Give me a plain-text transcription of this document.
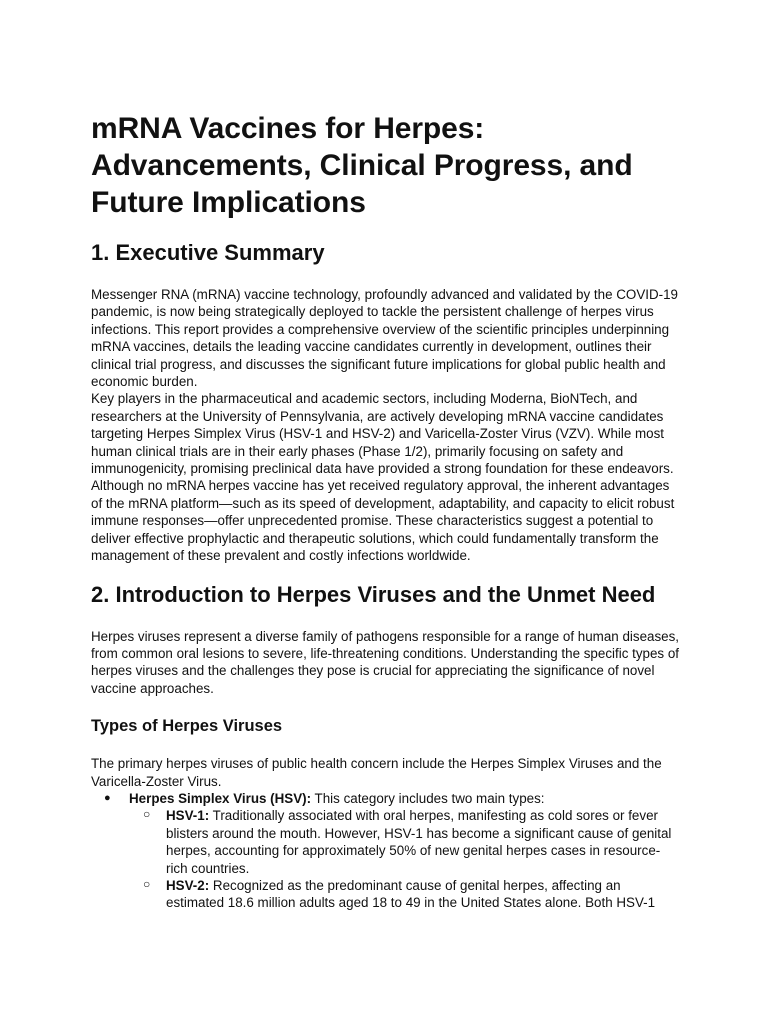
mRNA Vaccines for Herpes: Advancements, Clinical Progress, and Future Implications
1. Executive Summary

Messenger RNA (mRNA) vaccine technology, profoundly advanced and validated by the COVID-19 pandemic, is now being strategically deployed to tackle the persistent challenge of herpes virus infections. This report provides a comprehensive overview of the scientific principles underpinning mRNA vaccines, details the leading vaccine candidates currently in development, outlines their clinical trial progress, and discusses the significant future implications for global public health and economic burden.

Key players in the pharmaceutical and academic sectors, including Moderna, BioNTech, and researchers at the University of Pennsylvania, are actively developing mRNA vaccine candidates targeting Herpes Simplex Virus (HSV-1 and HSV-2) and Varicella-Zoster Virus (VZV). While most human clinical trials are in their early phases (Phase 1/2), primarily focusing on safety and immunogenicity, promising preclinical data have provided a strong foundation for these endeavors.

Although no mRNA herpes vaccine has yet received regulatory approval, the inherent advantages of the mRNA platform—such as its speed of development, adaptability, and capacity to elicit robust immune responses—offer unprecedented promise. These characteristics suggest a potential to deliver effective prophylactic and therapeutic solutions, which could fundamentally transform the management of these prevalent and costly infections worldwide.

2. Introduction to Herpes Viruses and the Unmet Need

Herpes viruses represent a diverse family of pathogens responsible for a range of human diseases, from common oral lesions to severe, life-threatening conditions. Understanding the specific types of herpes viruses and the challenges they pose is crucial for appreciating the significance of novel vaccine approaches.

Types of Herpes Viruses

The primary herpes viruses of public health concern include the Herpes Simplex Viruses and the Varicella-Zoster Virus.

● Herpes Simplex Virus (HSV): This category includes two main types:
○ HSV-1: Traditionally associated with oral herpes, manifesting as cold sores or fever blisters around the mouth. However, HSV-1 has become a significant cause of genital herpes, accounting for approximately 50% of new genital herpes cases in resource-rich countries.
○ HSV-2: Recognized as the predominant cause of genital herpes, affecting an estimated 18.6 million adults aged 18 to 49 in the United States alone. Both HSV-1
